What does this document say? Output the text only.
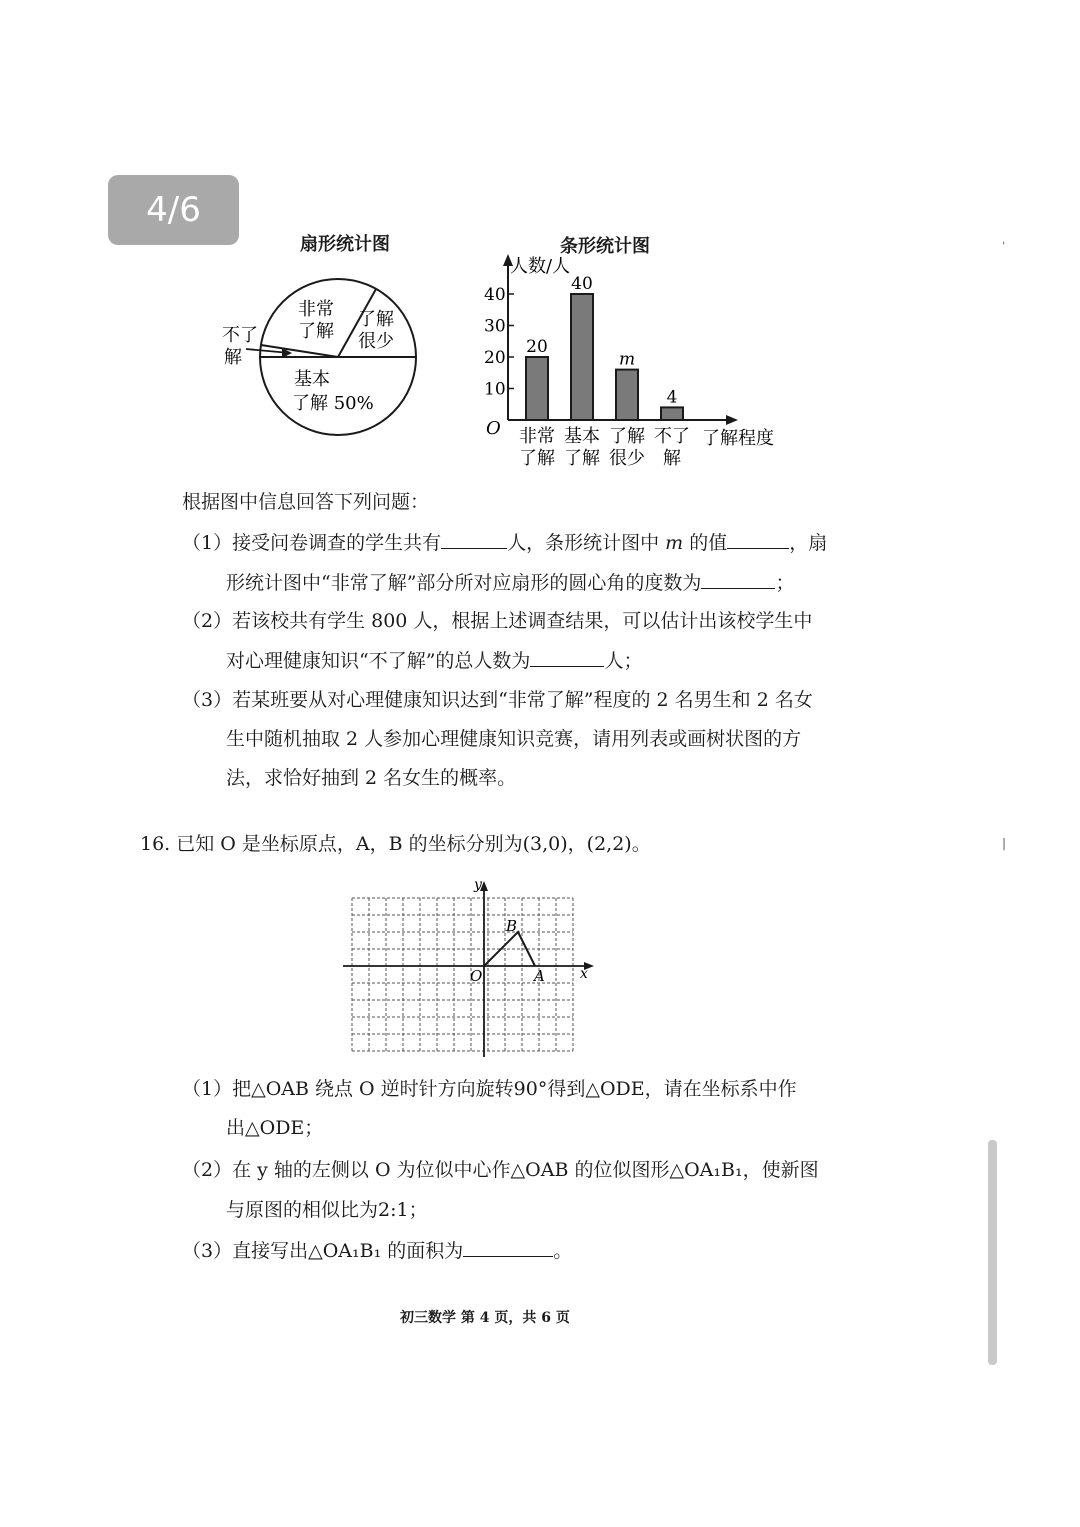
4/6
ˌ
|
扇形统计图
非常
了解
了解
很少
不了
解
基本
了解 50%
条形统计图
人数/人
了解程度
O
10
20
30
40
20
非常
了解
40
基本
了解
m
了解
很少
4
不了
解
根据图中信息回答下列问题：
（1）接受问卷调查的学生共有	人，条形统计图中 m 的值	，扇
形统计图中“非常了解”部分所对应扇形的圆心角的度数为	；
（2）若该校共有学生 800 人，根据上述调查结果，可以估计出该校学生中
对心理健康知识“不了解”的总人数为	人；
（3）若某班要从对心理健康知识达到“非常了解”程度的 2 名男生和 2 名女
生中随机抽取 2 人参加心理健康知识竞赛，请用列表或画树状图的方
法，求恰好抽到 2 名女生的概率。
16. 已知 O 是坐标原点，A，B 的坐标分别为(3,0)，(2,2)。
x
y
O	A
B
（1）把△OAB 绕点 O 逆时针方向旋转90°得到△ODE，请在坐标系中作
出△ODE；
（2）在 y 轴的左侧以 O 为位似中心作△OAB 的位似图形△OA₁B₁，使新图
与原图的相似比为2:1；
（3）直接写出△OA₁B₁ 的面积为	。
初三数学 第 4 页，共 6 页
